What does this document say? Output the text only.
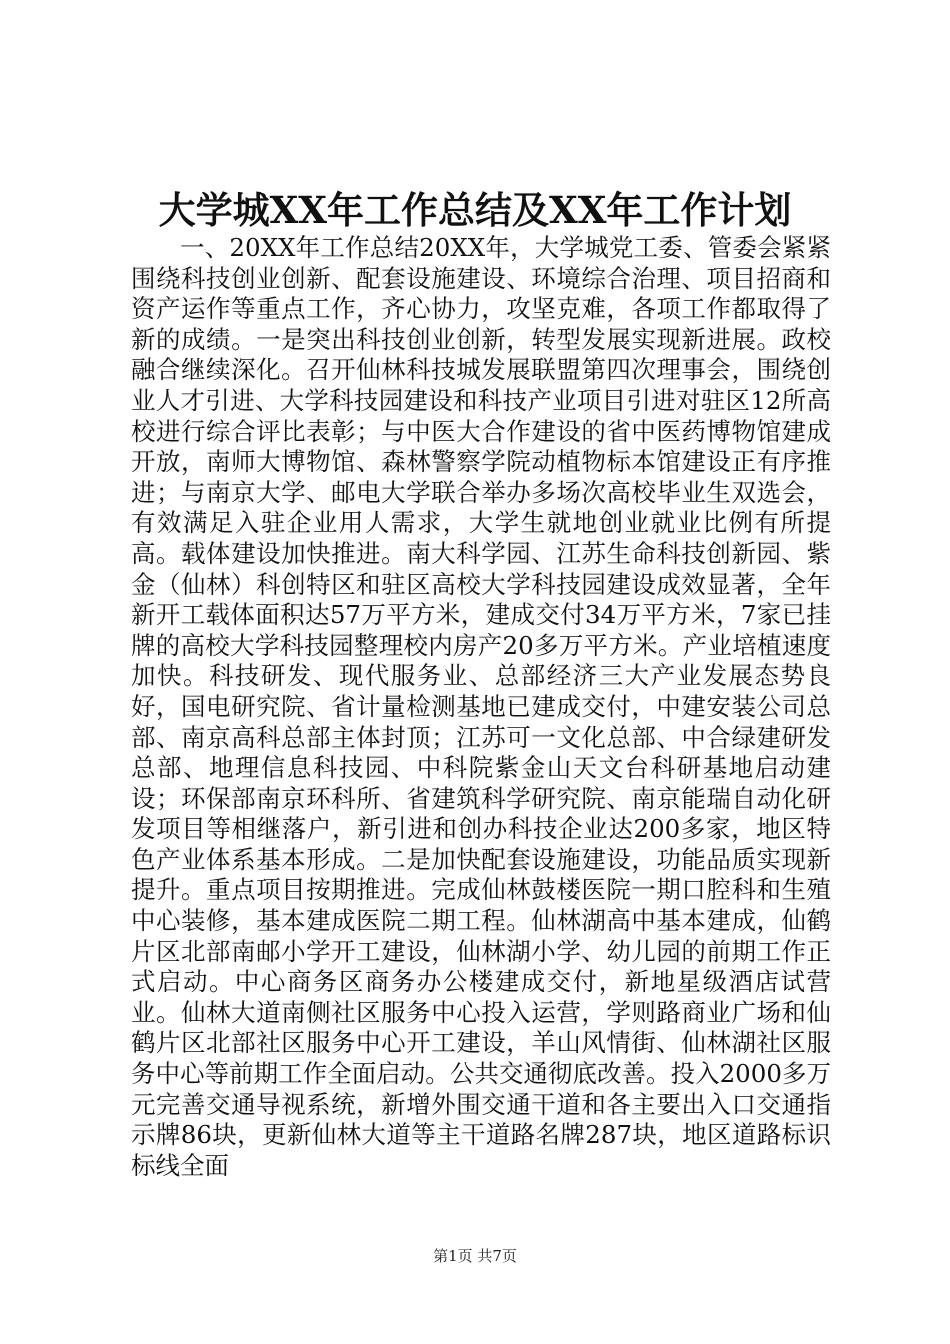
大学城XX年工作总结及XX年工作计划

一、20XX年工作总结20XX年，大学城党工委、管委会紧紧围绕科技创业创新、配套设施建设、环境综合治理、项目招商和资产运作等重点工作，齐心协力，攻坚克难，各项工作都取得了新的成绩。一是突出科技创业创新，转型发展实现新进展。政校融合继续深化。召开仙林科技城发展联盟第四次理事会，围绕创业人才引进、大学科技园建设和科技产业项目引进对驻区12所高校进行综合评比表彰；与中医大合作建设的省中医药博物馆建成开放，南师大博物馆、森林警察学院动植物标本馆建设正有序推进；与南京大学、邮电大学联合举办多场次高校毕业生双选会，有效满足入驻企业用人需求，大学生就地创业就业比例有所提高。载体建设加快推进。南大科学园、江苏生命科技创新园、紫金（仙林）科创特区和驻区高校大学科技园建设成效显著，全年新开工载体面积达57万平方米，建成交付34万平方米，7家已挂牌的高校大学科技园整理校内房产20多万平方米。产业培植速度加快。科技研发、现代服务业、总部经济三大产业发展态势良好，国电研究院、省计量检测基地已建成交付，中建安装公司总部、南京高科总部主体封顶；江苏可一文化总部、中合绿建研发总部、地理信息科技园、中科院紫金山天文台科研基地启动建设；环保部南京环科所、省建筑科学研究院、南京能瑞自动化研发项目等相继落户，新引进和创办科技企业达200多家，地区特色产业体系基本形成。二是加快配套设施建设，功能品质实现新提升。重点项目按期推进。完成仙林鼓楼医院一期口腔科和生殖中心装修，基本建成医院二期工程。仙林湖高中基本建成，仙鹤片区北部南邮小学开工建设，仙林湖小学、幼儿园的前期工作正式启动。中心商务区商务办公楼建成交付，新地星级酒店试营业。仙林大道南侧社区服务中心投入运营，学则路商业广场和仙鹤片区北部社区服务中心开工建设，羊山风情街、仙林湖社区服务中心等前期工作全面启动。公共交通彻底改善。投入2000多万元完善交通导视系统，新增外围交通干道和各主要出入口交通指示牌86块，更新仙林大道等主干道路名牌287块，地区道路标识标线全面

第1页 共7页
